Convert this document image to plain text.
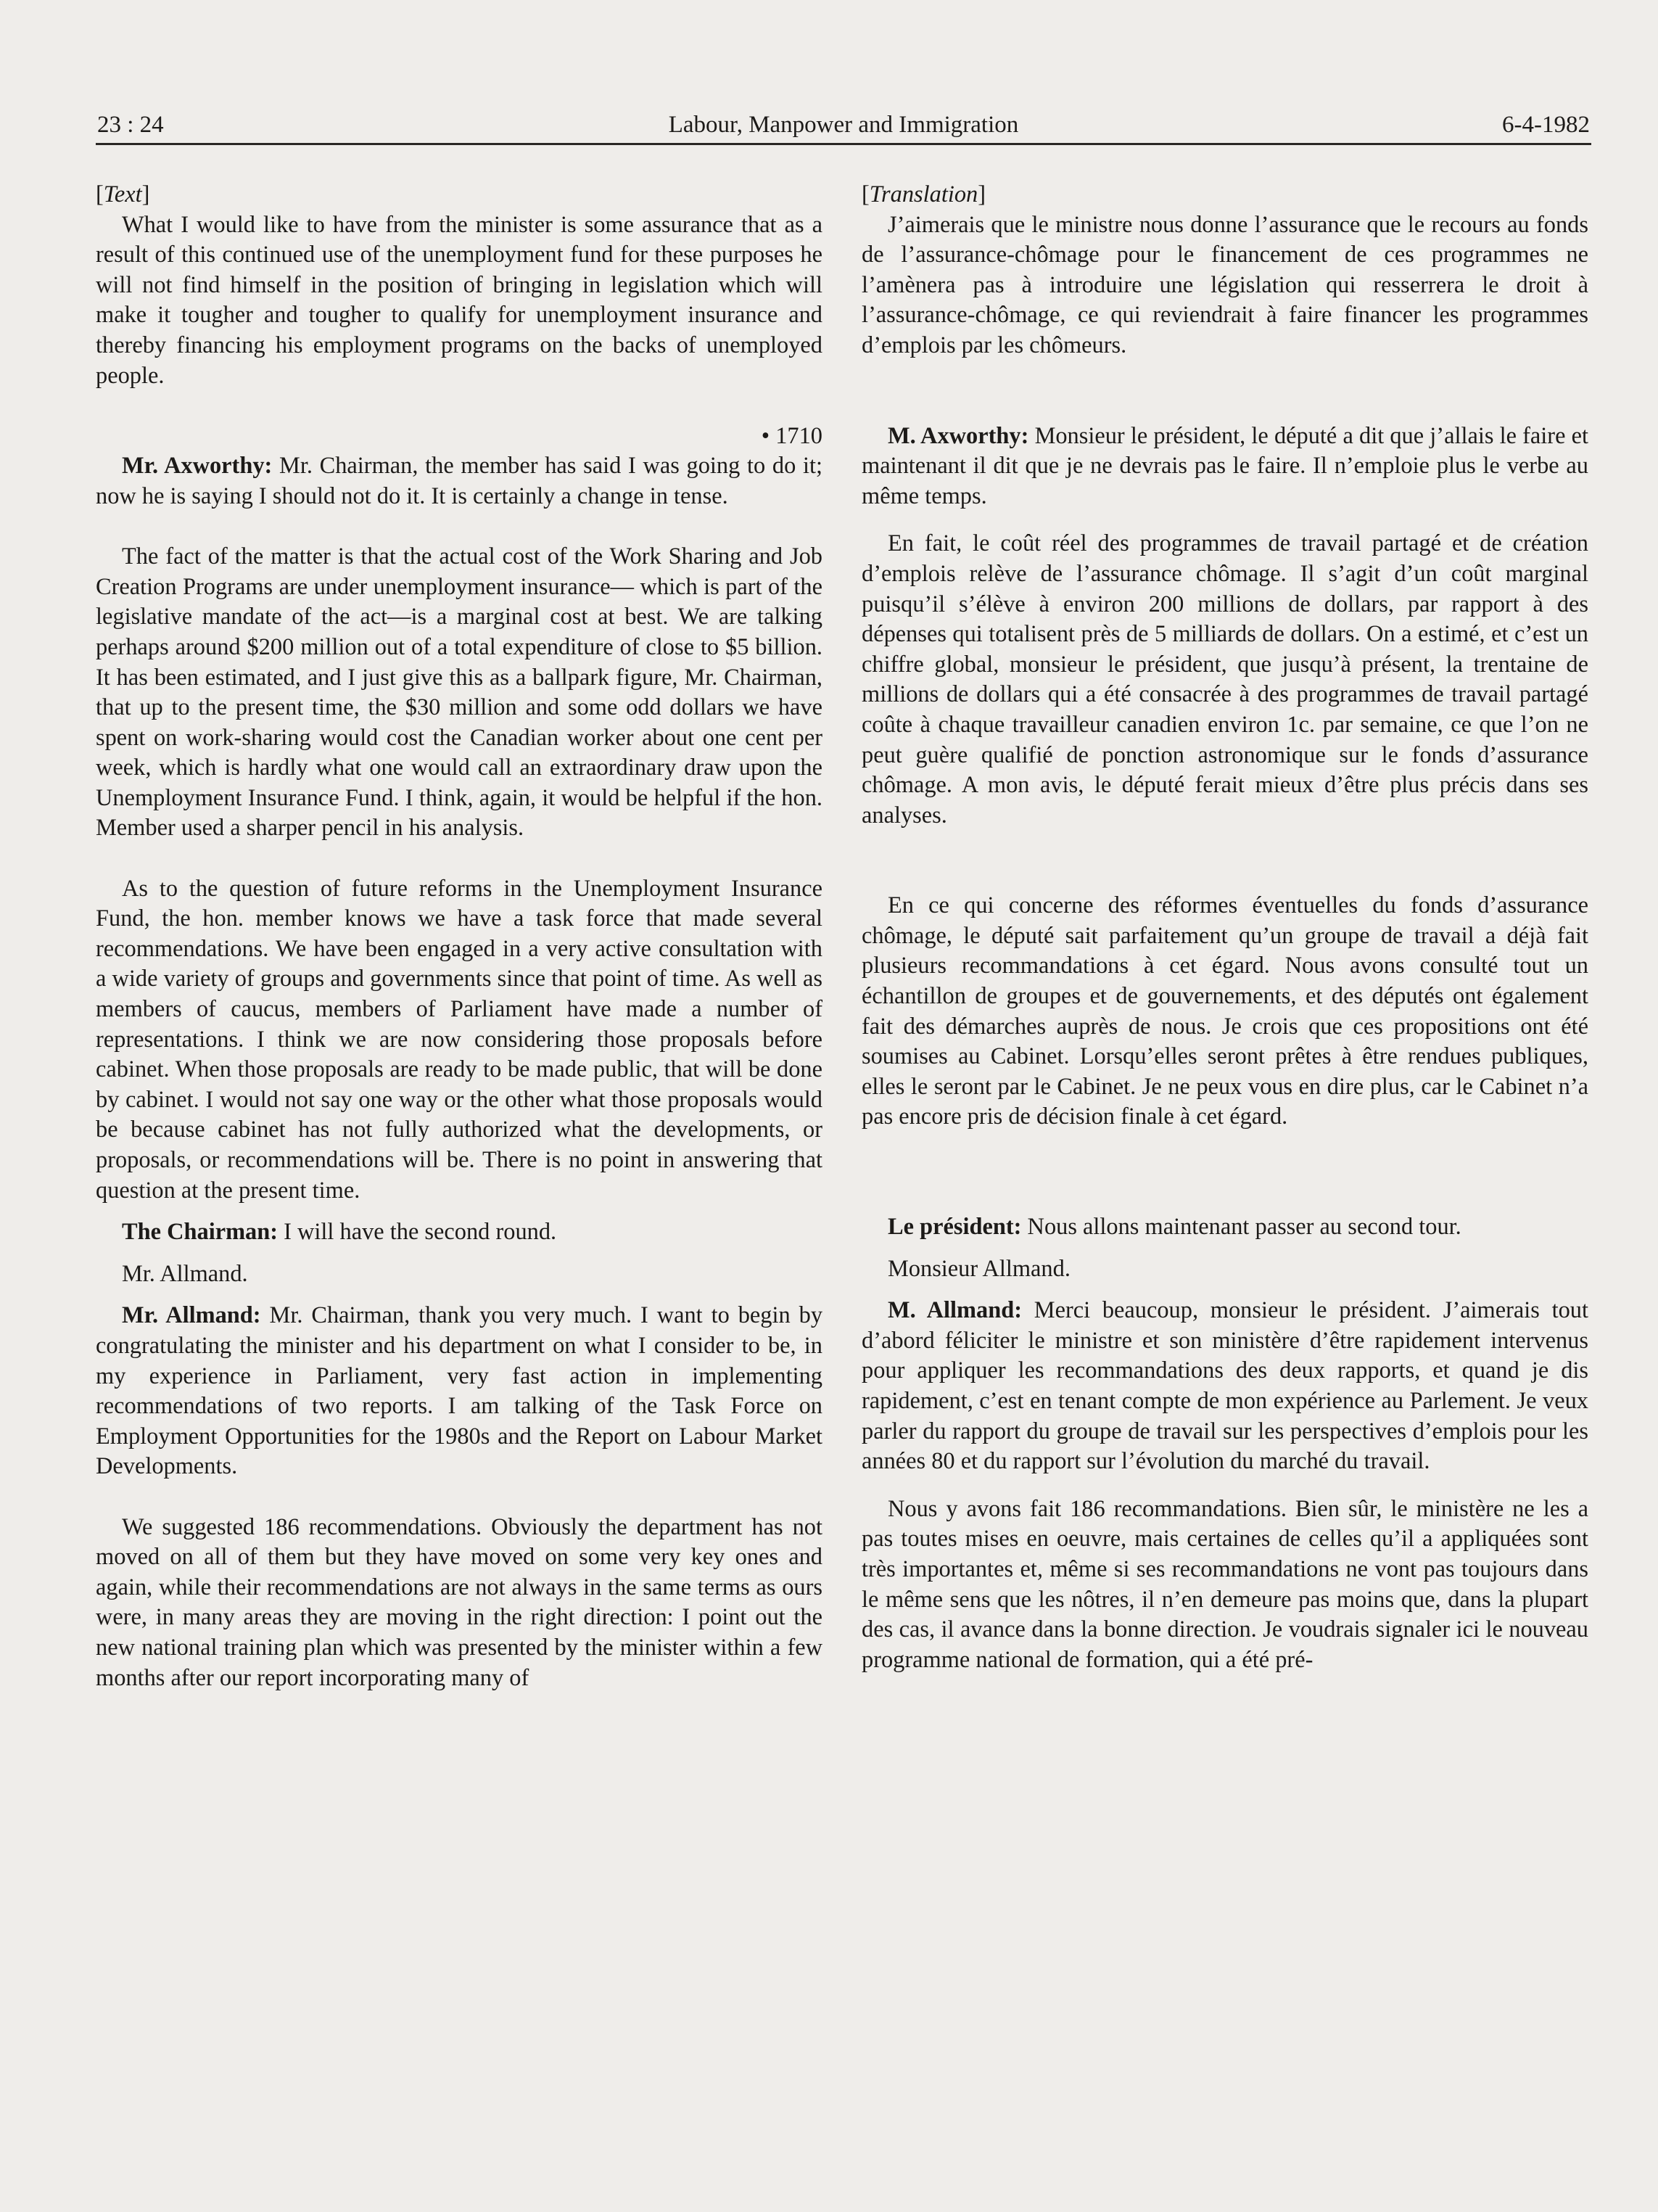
23 : 24	Labour, Manpower and Immigration	6-4-1982
[Text]

What I would like to have from the minister is some assurance that as a result of this continued use of the unemployment fund for these purposes he will not find himself in the position of bringing in legislation which will make it tougher and tougher to qualify for unemployment insurance and thereby financing his employment programs on the backs of unemployed people.

• 1710

Mr. Axworthy: Mr. Chairman, the member has said I was going to do it; now he is saying I should not do it. It is certainly a change in tense.

The fact of the matter is that the actual cost of the Work Sharing and Job Creation Programs are under unemployment insurance— which is part of the legislative mandate of the act—is a marginal cost at best. We are talking perhaps around $200 million out of a total expenditure of close to $5 billion. It has been estimated, and I just give this as a ballpark figure, Mr. Chairman, that up to the present time, the $30 million and some odd dollars we have spent on work-sharing would cost the Canadian worker about one cent per week, which is hardly what one would call an extraordinary draw upon the Unemployment Insurance Fund. I think, again, it would be helpful if the hon. Member used a sharper pencil in his analysis.

As to the question of future reforms in the Unemployment Insurance Fund, the hon. member knows we have a task force that made several recommendations. We have been engaged in a very active consultation with a wide variety of groups and governments since that point of time. As well as members of caucus, members of Parliament have made a number of representations. I think we are now considering those proposals before cabinet. When those proposals are ready to be made public, that will be done by cabinet. I would not say one way or the other what those proposals would be because cabinet has not fully authorized what the developments, or proposals, or recommendations will be. There is no point in answering that question at the present time.

The Chairman: I will have the second round.

Mr. Allmand.

Mr. Allmand: Mr. Chairman, thank you very much. I want to begin by congratulating the minister and his department on what I consider to be, in my experience in Parliament, very fast action in implementing recommendations of two reports. I am talking of the Task Force on Employment Opportunities for the 1980s and the Report on Labour Market Developments.

We suggested 186 recommendations. Obviously the department has not moved on all of them but they have moved on some very key ones and again, while their recommendations are not always in the same terms as ours were, in many areas they are moving in the right direction: I point out the new national training plan which was presented by the minister within a few months after our report incorporating many of

[Translation]

J’aimerais que le ministre nous donne l’assurance que le recours au fonds de l’assurance-chômage pour le financement de ces programmes ne l’amènera pas à introduire une législation qui resserrera le droit à l’assurance-chômage, ce qui reviendrait à faire financer les programmes d’emplois par les chômeurs.

M. Axworthy: Monsieur le président, le député a dit que j’allais le faire et maintenant il dit que je ne devrais pas le faire. Il n’emploie plus le verbe au même temps.

En fait, le coût réel des programmes de travail partagé et de création d’emplois relève de l’assurance chômage. Il s’agit d’un coût marginal puisqu’il s’élève à environ 200 millions de dollars, par rapport à des dépenses qui totalisent près de 5 milliards de dollars. On a estimé, et c’est un chiffre global, monsieur le président, que jusqu’à présent, la trentaine de millions de dollars qui a été consacrée à des programmes de travail partagé coûte à chaque travailleur canadien environ 1c. par semaine, ce que l’on ne peut guère qualifié de ponction astronomique sur le fonds d’assurance chômage. A mon avis, le député ferait mieux d’être plus précis dans ses analyses.

En ce qui concerne des réformes éventuelles du fonds d’assurance chômage, le député sait parfaitement qu’un groupe de travail a déjà fait plusieurs recommandations à cet égard. Nous avons consulté tout un échantillon de groupes et de gouvernements, et des députés ont également fait des démarches auprès de nous. Je crois que ces propositions ont été soumises au Cabinet. Lorsqu’elles seront prêtes à être rendues publiques, elles le seront par le Cabinet. Je ne peux vous en dire plus, car le Cabinet n’a pas encore pris de décision finale à cet égard.

Le président: Nous allons maintenant passer au second tour.

Monsieur Allmand.

M. Allmand: Merci beaucoup, monsieur le président. J’aimerais tout d’abord féliciter le ministre et son ministère d’être rapidement intervenus pour appliquer les recommandations des deux rapports, et quand je dis rapidement, c’est en tenant compte de mon expérience au Parlement. Je veux parler du rapport du groupe de travail sur les perspectives d’emplois pour les années 80 et du rapport sur l’évolution du marché du travail.

Nous y avons fait 186 recommandations. Bien sûr, le ministère ne les a pas toutes mises en oeuvre, mais certaines de celles qu’il a appliquées sont très importantes et, même si ses recommandations ne vont pas toujours dans le même sens que les nôtres, il n’en demeure pas moins que, dans la plupart des cas, il avance dans la bonne direction. Je voudrais signaler ici le nouveau programme national de formation, qui a été pré-
